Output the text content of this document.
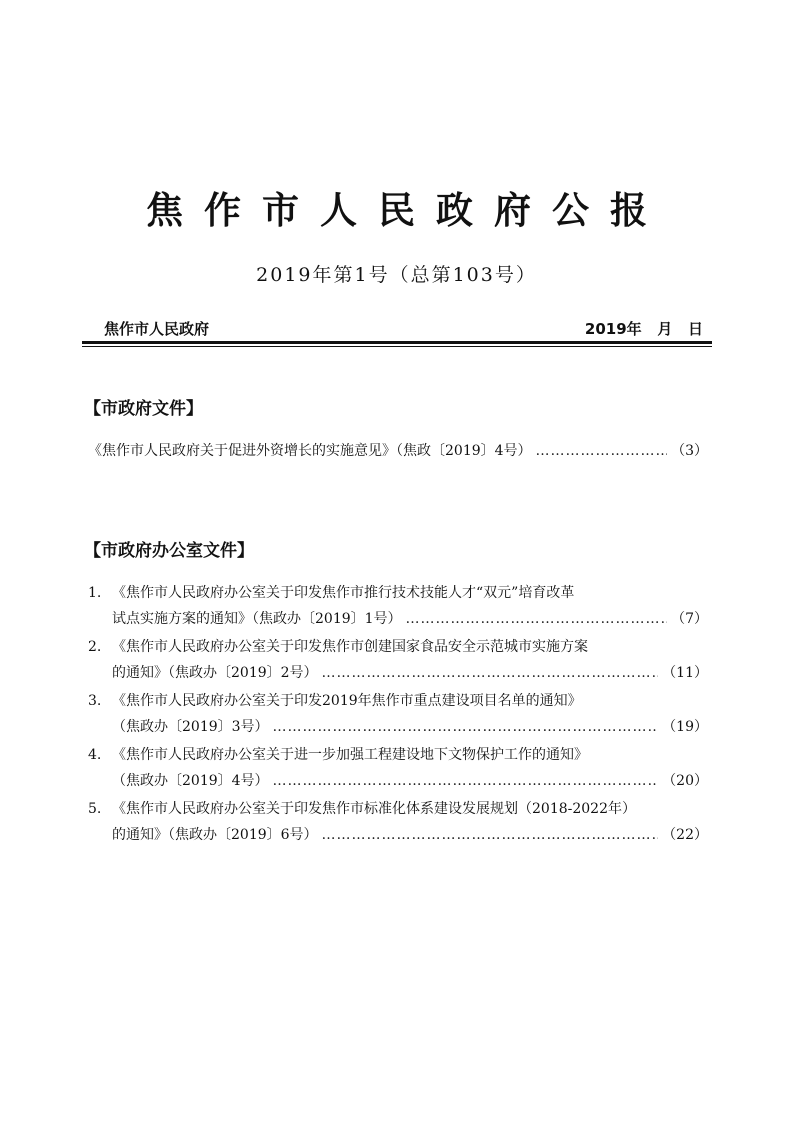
焦作市人民政府公报
2019年第1号（总第103号）
焦作市人民政府	2019年   月   日
【市政府文件】
《焦作市人民政府关于促进外资增长的实施意见》（焦政〔2019〕4号） …………………………………………………………………………………………………………………………	（3）
【市政府办公室文件】
1. 《焦作市人民政府办公室关于印发焦作市推行技术技能人才“双元”培育改革
试点实施方案的通知》（焦政办〔2019〕1号） …………………………………………………………………………………………………………………………	（7）
2. 《焦作市人民政府办公室关于印发焦作市创建国家食品安全示范城市实施方案
的通知》（焦政办〔2019〕2号） …………………………………………………………………………………………………………………………	（11）
3. 《焦作市人民政府办公室关于印发2019年焦作市重点建设项目名单的通知》
（焦政办〔2019〕3号） …………………………………………………………………………………………………………………………	（19）
4. 《焦作市人民政府办公室关于进一步加强工程建设地下文物保护工作的通知》
（焦政办〔2019〕4号） …………………………………………………………………………………………………………………………	（20）
5. 《焦作市人民政府办公室关于印发焦作市标准化体系建设发展规划（2018-2022年）
的通知》（焦政办〔2019〕6号） …………………………………………………………………………………………………………………………	（22）
